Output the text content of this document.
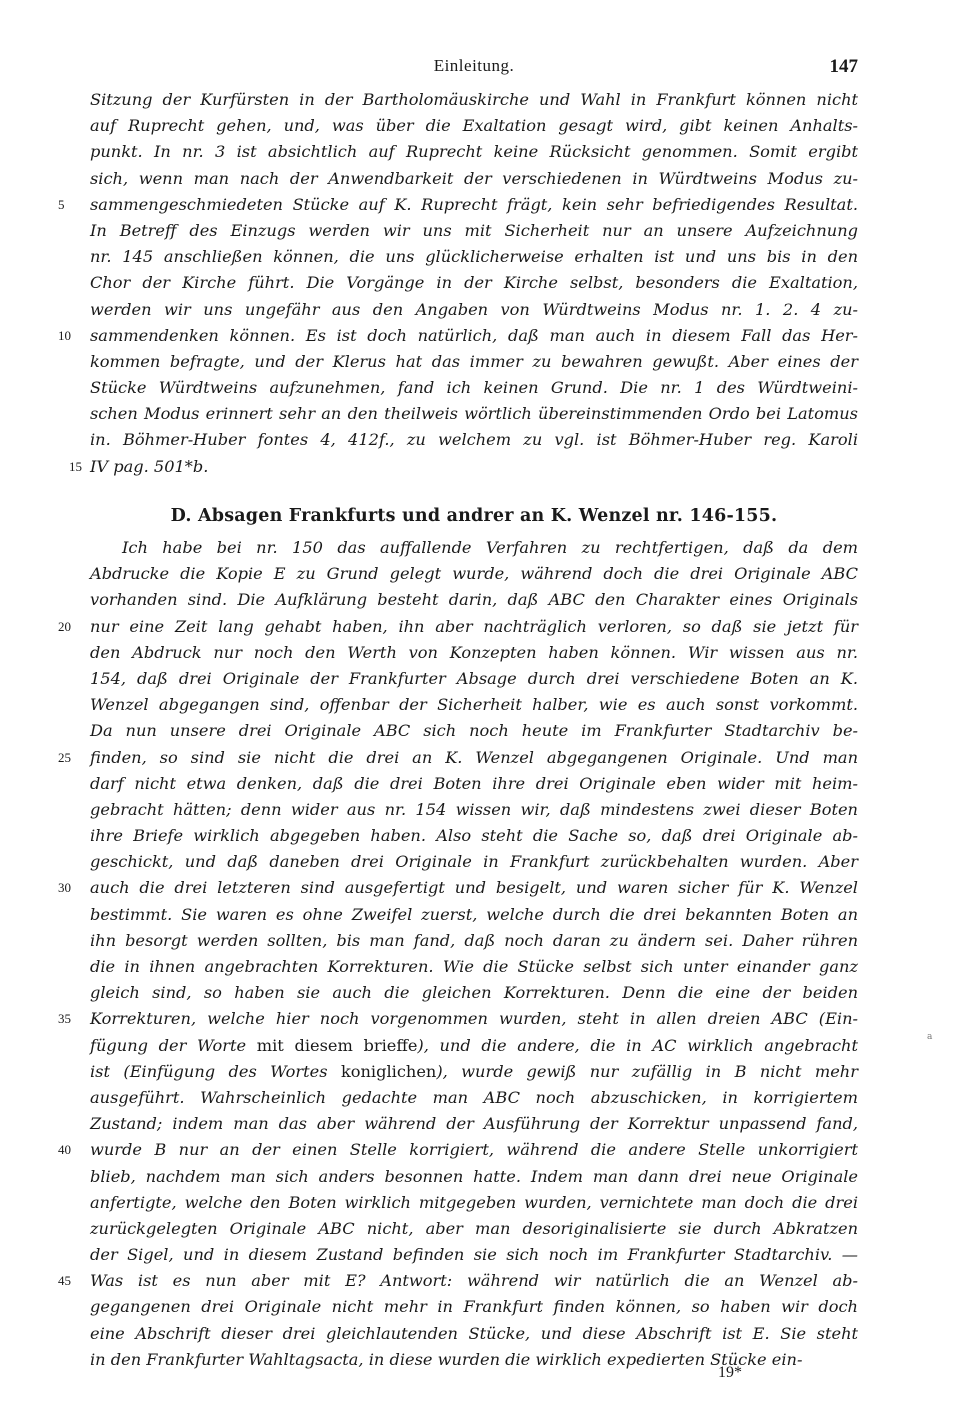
Einleitung.	147
Sitzung der Kurfürsten in der Bartholomäuskirche und Wahl in Frankfurt können nicht
auf Ruprecht gehen, und, was über die Exaltation gesagt wird, gibt keinen Anhalts-
punkt. In nr. 3 ist absichtlich auf Ruprecht keine Rücksicht genommen. Somit ergibt
sich, wenn man nach der Anwendbarkeit der verschiedenen in Würdtweins Modus zu-
5	sammengeschmiedeten Stücke auf K. Ruprecht frägt, kein sehr befriedigendes Resultat.
In Betreff des Einzugs werden wir uns mit Sicherheit nur an unsere Aufzeichnung
nr. 145 anschließen können, die uns glücklicherweise erhalten ist und uns bis in den
Chor der Kirche führt. Die Vorgänge in der Kirche selbst, besonders die Exaltation,
werden wir uns ungefähr aus den Angaben von Würdtweins Modus nr. 1. 2. 4 zu-
10	sammendenken können. Es ist doch natürlich, daß man auch in diesem Fall das Her-
kommen befragte, und der Klerus hat das immer zu bewahren gewußt. Aber eines der
Stücke Würdtweins aufzunehmen, fand ich keinen Grund. Die nr. 1 des Würdtweini-
schen Modus erinnert sehr an den theilweis wörtlich übereinstimmenden Ordo bei Latomus
in. Böhmer-Huber fontes 4, 412f., zu welchem zu vgl. ist Böhmer-Huber reg. Karoli
15 IV pag. 501*b.
D. Absagen Frankfurts und andrer an K. Wenzel nr. 146-155.
Ich habe bei nr. 150 das auffallende Verfahren zu rechtfertigen, daß da dem
Abdrucke die Kopie E zu Grund gelegt wurde, während doch die drei Originale ABC
vorhanden sind. Die Aufklärung besteht darin, daß ABC den Charakter eines Originals
20	nur eine Zeit lang gehabt haben, ihn aber nachträglich verloren, so daß sie jetzt für
den Abdruck nur noch den Werth von Konzepten haben können. Wir wissen aus nr.
154, daß drei Originale der Frankfurter Absage durch drei verschiedene Boten an K.
Wenzel abgegangen sind, offenbar der Sicherheit halber, wie es auch sonst vorkommt.
Da nun unsere drei Originale ABC sich noch heute im Frankfurter Stadtarchiv be-
25	finden, so sind sie nicht die drei an K. Wenzel abgegangenen Originale. Und man
darf nicht etwa denken, daß die drei Boten ihre drei Originale eben wider mit heim-
gebracht hätten; denn wider aus nr. 154 wissen wir, daß mindestens zwei dieser Boten
ihre Briefe wirklich abgegeben haben. Also steht die Sache so, daß drei Originale ab-
geschickt, und daß daneben drei Originale in Frankfurt zurückbehalten wurden. Aber
30	auch die drei letzteren sind ausgefertigt und besigelt, und waren sicher für K. Wenzel
bestimmt. Sie waren es ohne Zweifel zuerst, welche durch die drei bekannten Boten an
ihn besorgt werden sollten, bis man fand, daß noch daran zu ändern sei. Daher rühren
die in ihnen angebrachten Korrekturen. Wie die Stücke selbst sich unter einander ganz
gleich sind, so haben sie auch die gleichen Korrekturen. Denn die eine der beiden
35	Korrekturen, welche hier noch vorgenommen wurden, steht in allen dreien ABC (Ein-
fügung der Worte mit diesem brieffe), und die andere, die in AC wirklich angebracht
ist (Einfügung des Wortes koniglichen), wurde gewiß nur zufällig in B nicht mehr
ausgeführt. Wahrscheinlich gedachte man ABC noch abzuschicken, in korrigiertem
Zustand; indem man das aber während der Ausführung der Korrektur unpassend fand,
40	wurde B nur an der einen Stelle korrigiert, während die andere Stelle unkorrigiert
blieb, nachdem man sich anders besonnen hatte. Indem man dann drei neue Originale
anfertigte, welche den Boten wirklich mitgegeben wurden, vernichtete man doch die drei
zurückgelegten Originale ABC nicht, aber man desoriginalisierte sie durch Abkratzen
der Sigel, und in diesem Zustand befinden sie sich noch im Frankfurter Stadtarchiv. —
45	Was ist es nun aber mit E? Antwort: während wir natürlich die an Wenzel ab-
gegangenen drei Originale nicht mehr in Frankfurt finden können, so haben wir doch
eine Abschrift dieser drei gleichlautenden Stücke, und diese Abschrift ist E. Sie steht
in den Frankfurter Wahltagsacta, in diese wurden die wirklich expedierten Stücke ein-
19*
a
